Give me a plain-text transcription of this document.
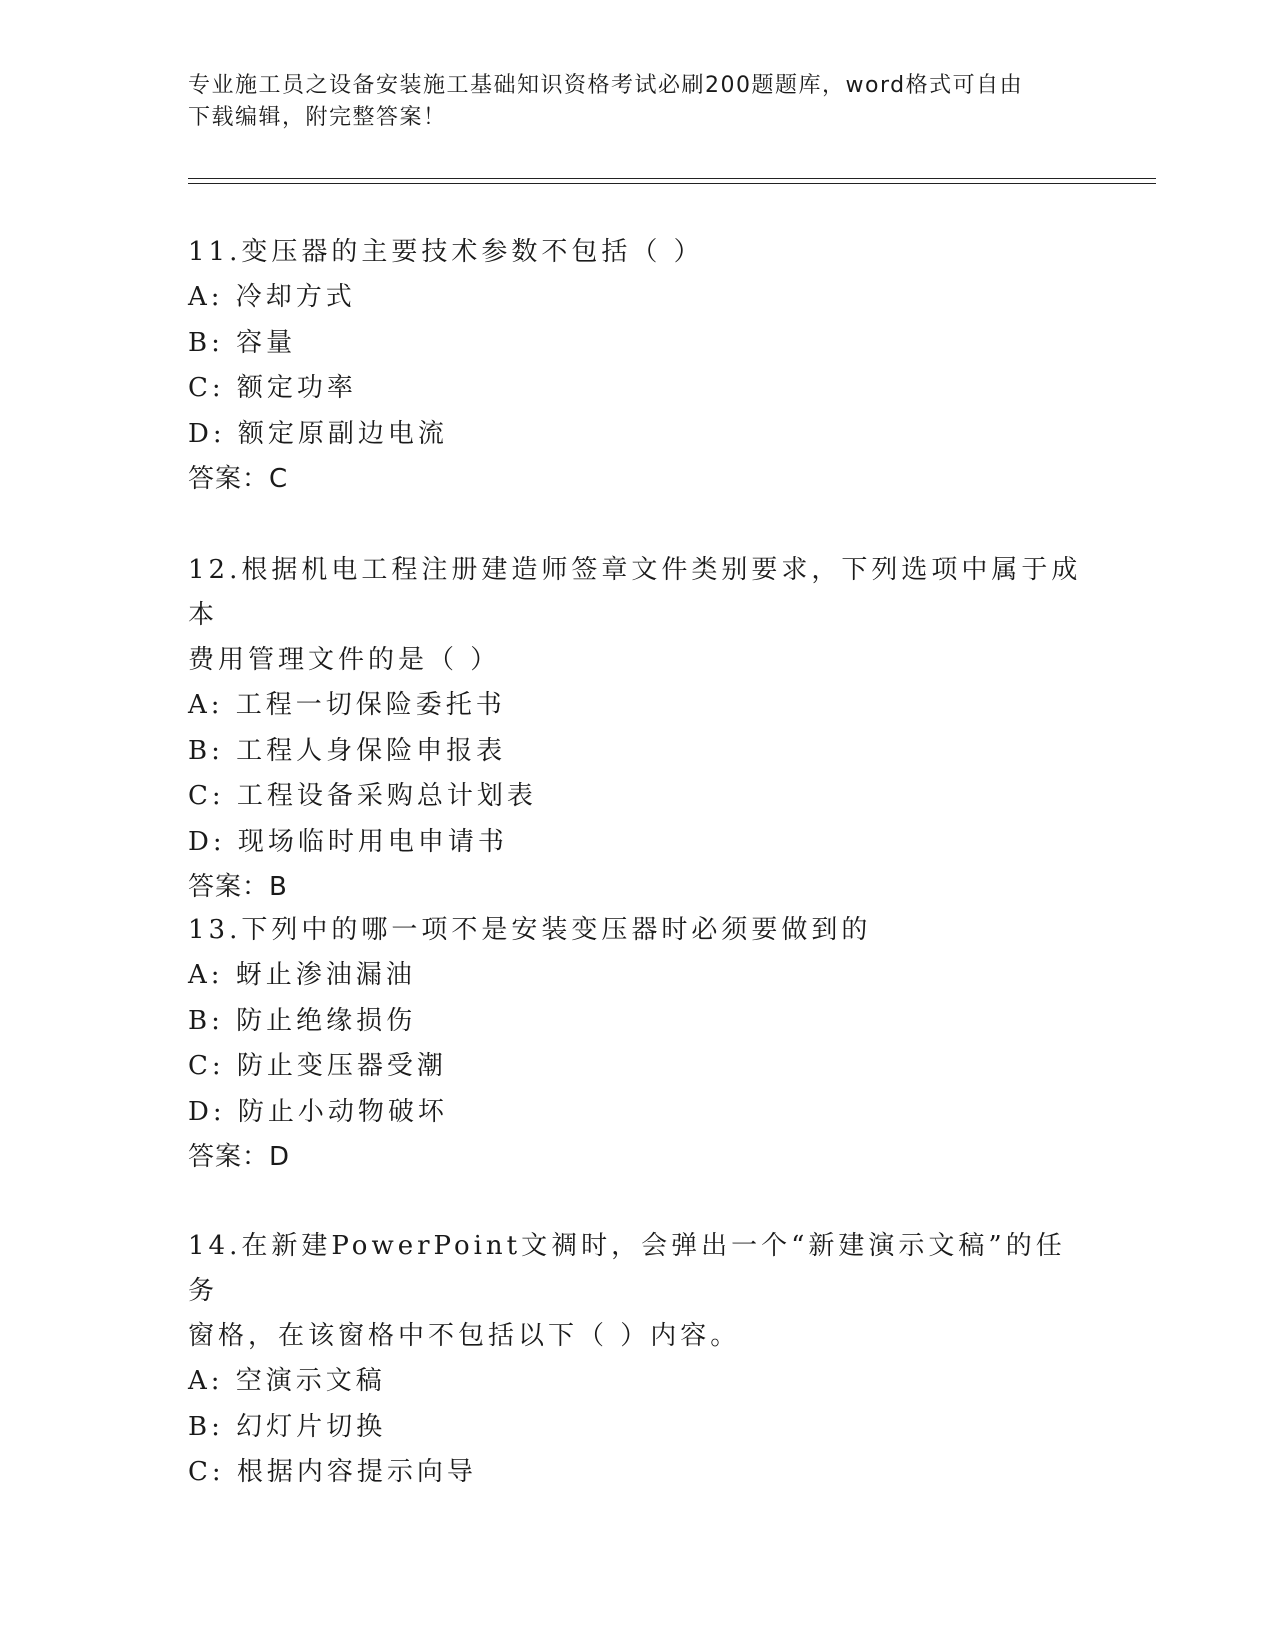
专业施工员之设备安装施工基础知识资格考试必刷200题题库，word格式可自由
下载编辑，附完整答案！
11.变压器的主要技术参数不包括（ ）
A: 冷却方式
B: 容量
C: 额定功率
D: 额定原副边电流
答案：C
12.根据机电工程注册建造师签章文件类别要求，下列选项中属于成本
费用管理文件的是（ ）
A: 工程一切保险委托书
B: 工程人身保险申报表
C: 工程设备采购总计划表
D: 现场临时用电申请书
答案：B
13.下列中的哪一项不是安装变压器时必须要做到的
A: 蚜止渗油漏油
B: 防止绝缘损伤
C: 防止变压器受潮
D: 防止小动物破坏
答案：D
14.在新建PowerPoint文禂时，会弹出一个“新建演示文稿”的任务
窗格，在该窗格中不包括以下（ ）内容。
A: 空演示文稿
B: 幻灯片切换
C: 根据内容提示向导
